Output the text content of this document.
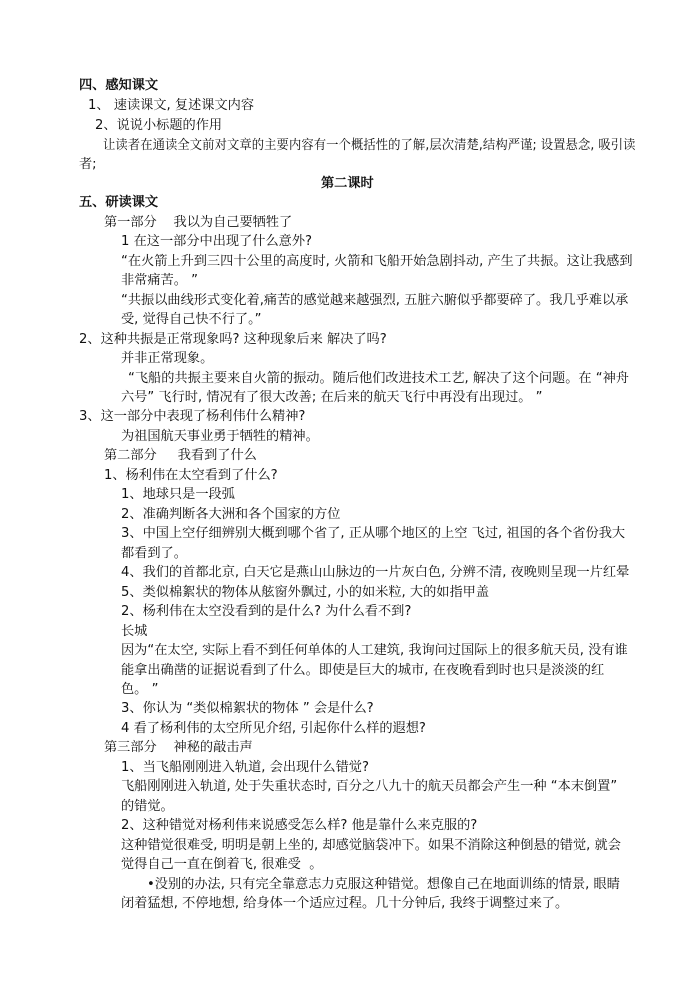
四、感知课文
1、 速读课文, 复述课文内容
2、说说小标题的作用
让读者在通读全文前对文章的主要内容有一个概括性的了解,层次清楚,结构严谨; 设置悬念, 吸引读
者;
第二课时
五、研读课文
第一部分    我以为自己要牺牲了
1 在这一部分中出现了什么意外?
“在火箭上升到三四十公里的高度时, 火箭和飞船开始急剧抖动, 产生了共振。这让我感到
非常痛苦。 ”
“共振以曲线形式变化着,痛苦的感觉越来越强烈, 五脏六腑似乎都要碎了。我几乎难以承
受, 觉得自己快不行了。”
2、这种共振是正常现象吗? 这种现象后来 解决了吗?
并非正常现象。
“飞船的共振主要来自火箭的振动。随后他们改进技术工艺, 解决了这个问题。在 “神舟
六号” 飞行时, 情况有了很大改善; 在后来的航天飞行中再没有出现过。 ”
3、这一部分中表现了杨利伟什么精神?
为祖国航天事业勇于牺牲的精神。
第二部分     我看到了什么
1、杨利伟在太空看到了什么?
1、地球只是一段弧
2、准确判断各大洲和各个国家的方位
3、中国上空仔细辨别大概到哪个省了, 正从哪个地区的上空 飞过, 祖国的各个省份我大
都看到了。
4、我们的首都北京, 白天它是燕山山脉边的一片灰白色, 分辨不清, 夜晚则呈现一片红晕
5、类似棉絮状的物体从舷窗外飘过, 小的如米粒, 大的如指甲盖
2、杨利伟在太空没看到的是什么? 为什么看不到?
长城
因为“在太空, 实际上看不到任何单体的人工建筑, 我询问过国际上的很多航天员, 没有谁
能拿出确凿的证据说看到了什么。即使是巨大的城市, 在夜晚看到时也只是淡淡的红
色。 ”
3、你认为 “类似棉絮状的物体 ” 会是什么?
4 看了杨利伟的太空所见介绍, 引起你什么样的遐想?
第三部分    神秘的敲击声
1、当飞船刚刚进入轨道, 会出现什么错觉?
飞船刚刚进入轨道, 处于失重状态时, 百分之八九十的航天员都会产生一种 “本末倒置”
的错觉。
2、这种错觉对杨利伟来说感受怎么样? 他是靠什么来克服的?
这种错觉很难受, 明明是朝上坐的, 却感觉脑袋冲下。如果不消除这种倒悬的错觉, 就会
觉得自己一直在倒着飞, 很难受  。
•没别的办法, 只有完全靠意志力克服这种错觉。想像自己在地面训练的情景, 眼睛
闭着猛想, 不停地想, 给身体一个适应过程。几十分钟后, 我终于调整过来了。
